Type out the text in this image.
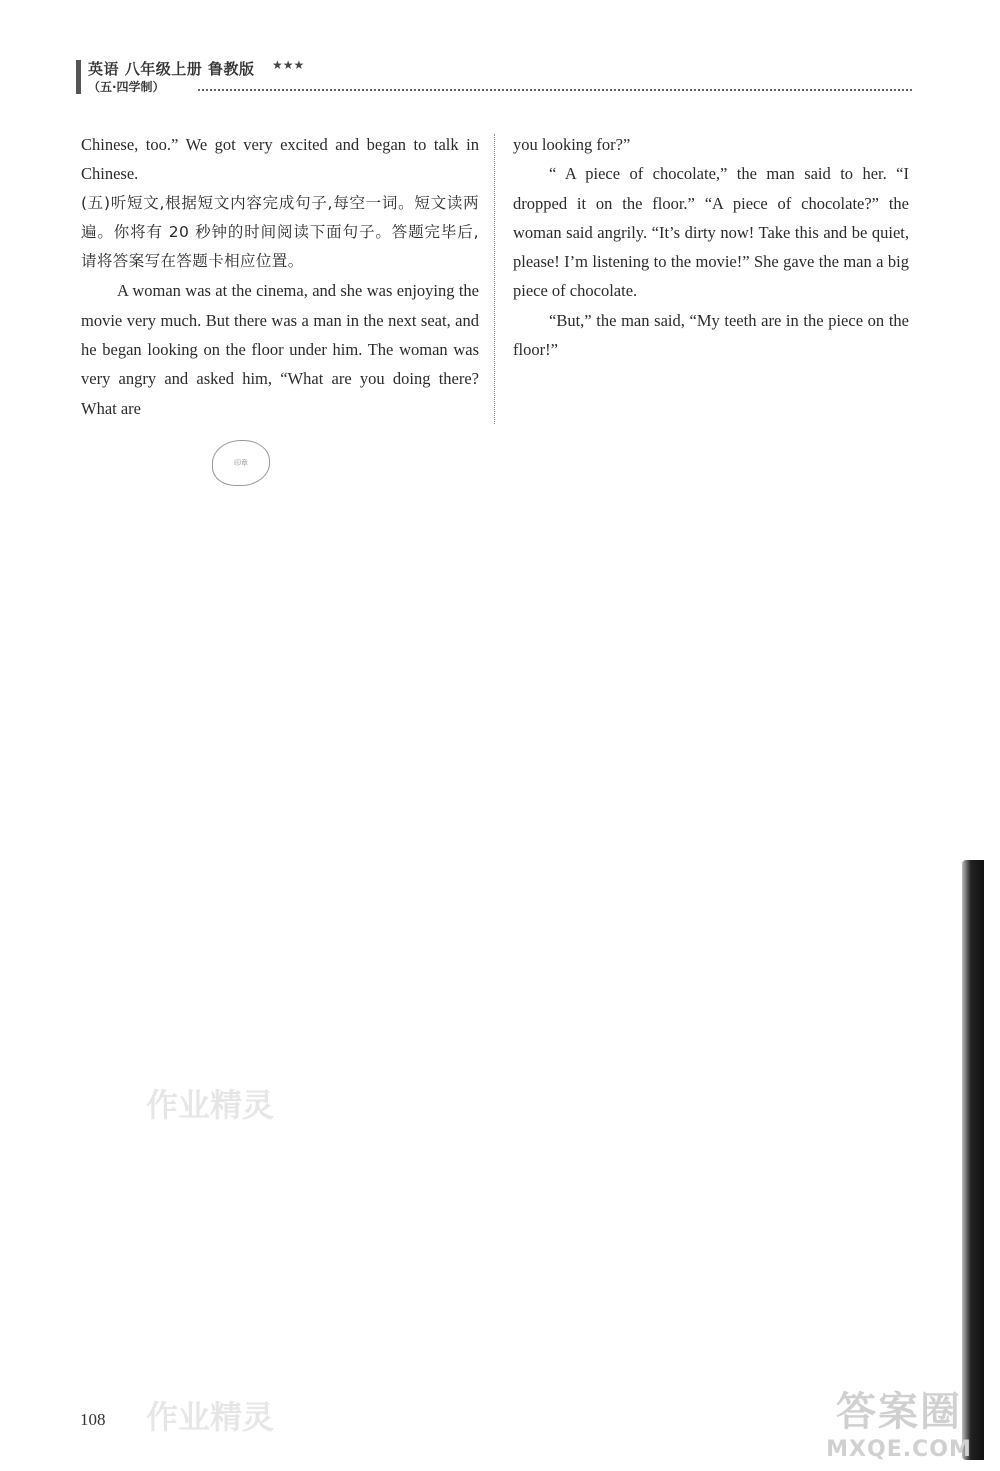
英语 八年级上册 鲁教版 ★★★
（五·四学制）

Chinese, too.” We got very excited and began to talk in Chinese.

(五)听短文,根据短文内容完成句子,每空一词。短文读两遍。你将有 20 秒钟的时间阅读下面句子。答题完毕后,请将答案写在答题卡相应位置。

A woman was at the cinema, and she was enjoying the movie very much. But there was a man in the next seat, and he began looking on the floor under him. The woman was very angry and asked him, “What are you doing there? What are

you looking for?”

“ A piece of chocolate,” the man said to her. “I dropped it on the floor.” “A piece of chocolate?” the woman said angrily. “It’s dirty now! Take this and be quiet, please! I’m listening to the movie!” She gave the man a big piece of chocolate.

“But,” the man said, “My teeth are in the piece on the floor!”

印章
作业精灵
作业精灵
108	答案圈
MXQE.COM
